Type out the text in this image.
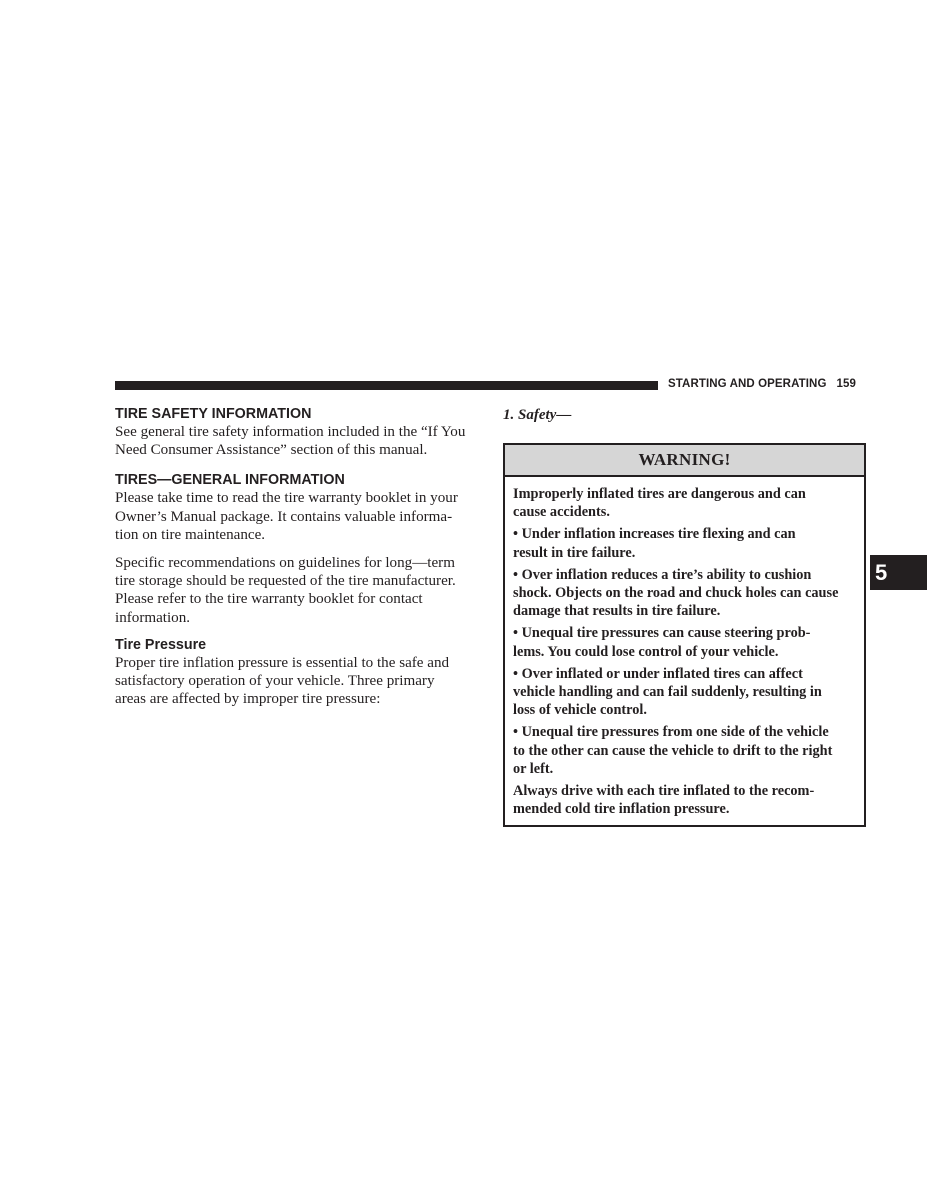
STARTING AND OPERATING 159
5
TIRE SAFETY INFORMATION
See general tire safety information included in the “If You
Need Consumer Assistance” section of this manual.
TIRES—GENERAL INFORMATION
Please take time to read the tire warranty booklet in your
Owner’s Manual package. It contains valuable informa-
tion on tire maintenance.
Specific recommendations on guidelines for long—term
tire storage should be requested of the tire manufacturer.
Please refer to the tire warranty booklet for contact
information.
Tire Pressure
Proper tire inflation pressure is essential to the safe and
satisfactory operation of your vehicle. Three primary
areas are affected by improper tire pressure:

1. Safety—

WARNING!
Improperly inflated tires are dangerous and can
cause accidents.
• Under inflation increases tire flexing and can
result in tire failure.
• Over inflation reduces a tire’s ability to cushion
shock. Objects on the road and chuck holes can cause
damage that results in tire failure.
• Unequal tire pressures can cause steering prob-
lems. You could lose control of your vehicle.
• Over inflated or under inflated tires can affect
vehicle handling and can fail suddenly, resulting in
loss of vehicle control.
• Unequal tire pressures from one side of the vehicle
to the other can cause the vehicle to drift to the right
or left.
Always drive with each tire inflated to the recom-
mended cold tire inflation pressure.
